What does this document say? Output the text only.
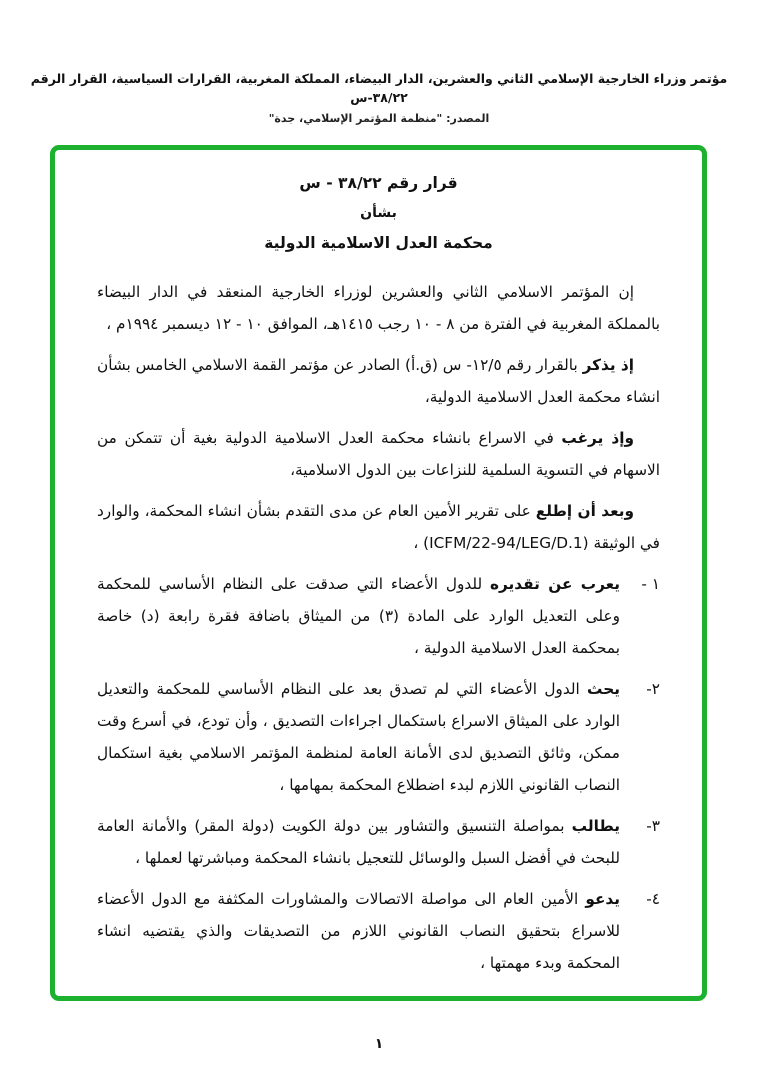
مؤتمر وزراء الخارجية الإسلامي الثاني والعشرين، الدار البيضاء، المملكة المغربية، القرارات السياسية، القرار الرقم ٣٨/٢٢-س
المصدر: "منظمة المؤتمر الإسلامي، جدة"
قرار رقم ٣٨/٢٢ - س
بشأن
محكمة العدل الاسلامية الدولية

إن المؤتمر الاسلامي الثاني والعشرين لوزراء الخارجية المنعقد في الدار البيضاء بالمملكة المغربية في الفترة من ٨ - ١٠ رجب ١٤١٥هـ، الموافق ١٠ - ١٢ ديسمبر ١٩٩٤م ،

إذ يذكر بالقرار رقم ١٢/٥- س (ق.أ) الصادر عن مؤتمر القمة الاسلامي الخامس بشأن انشاء محكمة العدل الاسلامية الدولية،

وإذ يرغب في الاسراع بانشاء محكمة العدل الاسلامية الدولية بغية أن تتمكن من الاسهام في التسوية السلمية للنزاعات بين الدول الاسلامية،

وبعد أن إطلع على تقرير الأمين العام عن مدى التقدم بشأن انشاء المحكمة، والوارد في الوثيقة (ICFM/22-94/LEG/D.1) ،

١ -
يعرب عن تقديره للدول الأعضاء التي صدقت على النظام الأساسي للمحكمة وعلى التعديل الوارد على المادة (٣) من الميثاق باضافة فقرة رابعة (د) خاصة بمحكمة العدل الاسلامية الدولية ،
٢-
يحث الدول الأعضاء التي لم تصدق بعد على النظام الأساسي للمحكمة والتعديل الوارد على الميثاق الاسراع باستكمال اجراءات التصديق ، وأن تودع، في أسرع وقت ممكن، وثائق التصديق لدى الأمانة العامة لمنظمة المؤتمر الاسلامي بغية استكمال النصاب القانوني اللازم لبدء اضطلاع المحكمة بمهامها ،
٣-
يطالب بمواصلة التنسيق والتشاور بين دولة الكويت (دولة المقر) والأمانة العامة للبحث في أفضل السبل والوسائل للتعجيل بانشاء المحكمة ومباشرتها لعملها ،
٤-
يدعو الأمين العام الى مواصلة الاتصالات والمشاورات المكثفة مع الدول الأعضاء للاسراع بتحقيق النصاب القانوني اللازم من التصديقات والذي يقتضيه انشاء المحكمة وبدء مهمتها ،
١
